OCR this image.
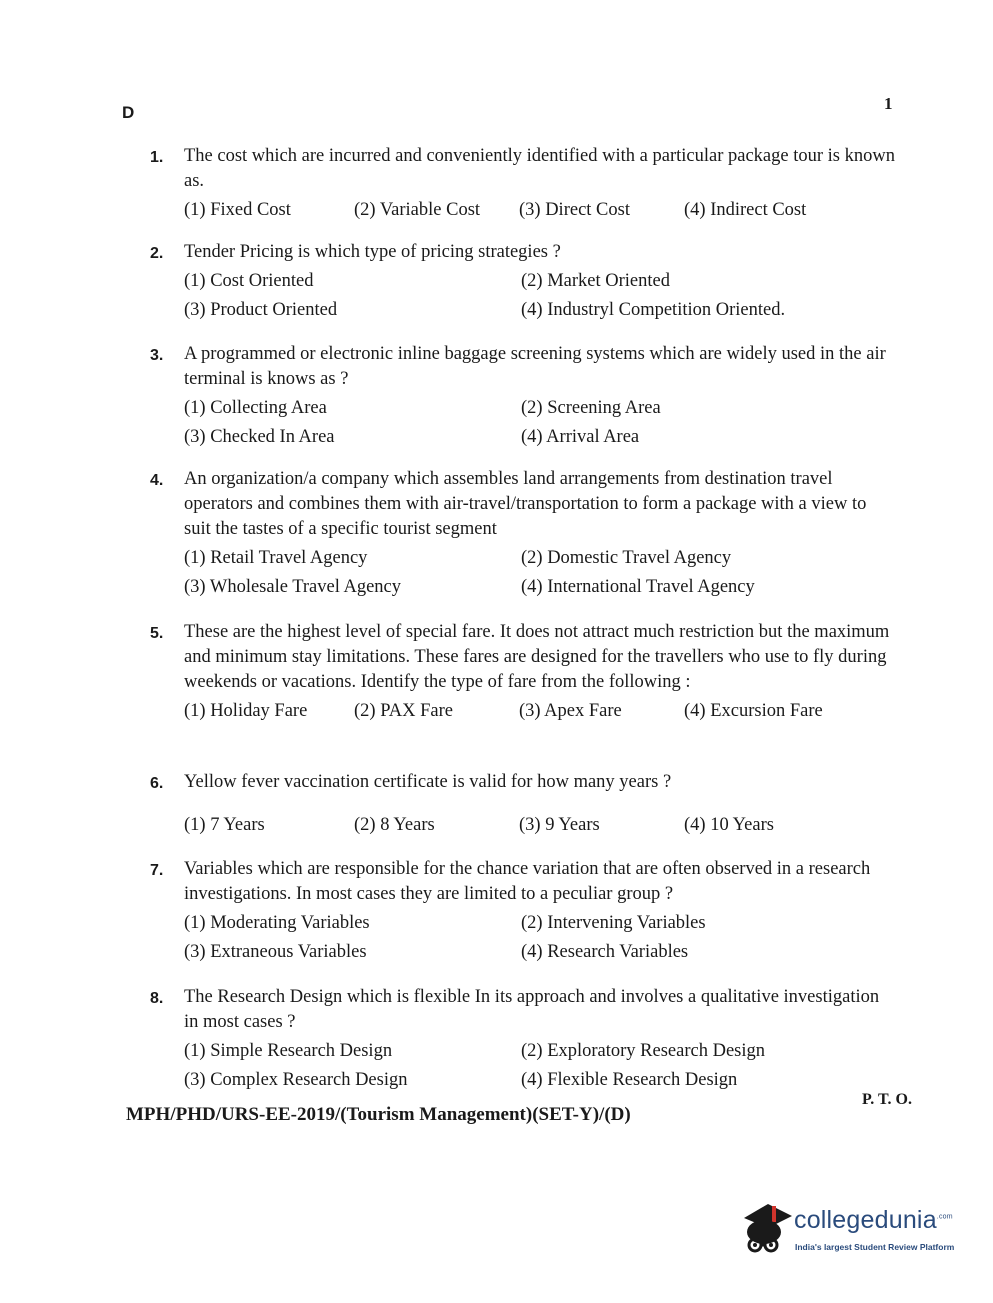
D	1
1. The cost which are incurred and conveniently identified with a particular package tour is known as.
(1) Fixed Cost	(2) Variable Cost	(3) Direct Cost	(4) Indirect Cost
2. Tender Pricing is which type of pricing strategies ?
(1) Cost Oriented	(2) Market Oriented
(3) Product Oriented	(4) Industryl Competition Oriented.
3. A programmed or electronic inline baggage screening systems which are widely used in the air terminal is knows as ?
(1) Collecting Area	(2) Screening Area
(3) Checked In Area	(4) Arrival Area
4. An organization/a company which assembles land arrangements from destination travel operators and combines them with air-travel/transportation to form a package with a view to suit the tastes of a specific tourist segment
(1) Retail Travel Agency	(2) Domestic Travel Agency
(3) Wholesale Travel Agency	(4) International Travel Agency
5. These are the highest level of special fare. It does not attract much restriction but the maximum and minimum stay limitations. These fares are designed for the travellers who use to fly during weekends or vacations. Identify the type of fare from the following :
(1) Holiday Fare	(2) PAX Fare	(3) Apex Fare	(4) Excursion Fare
6. Yellow fever vaccination certificate is valid for how many years ?
(1) 7 Years	(2) 8 Years	(3) 9 Years	(4) 10 Years
7. Variables which are responsible for the chance variation that are often observed in a research investigations. In most cases they are limited to a peculiar group ?
(1) Moderating Variables	(2) Intervening Variables
(3) Extraneous Variables	(4) Research Variables
8. The Research Design which is flexible In its approach and involves a qualitative investigation in most cases ?
(1) Simple Research Design	(2) Exploratory Research Design
(3) Complex Research Design	(4) Flexible Research Design
MPH/PHD/URS-EE-2019/(Tourism Management)(SET-Y)/(D)
P. T. O.
collegedunia$^{.com}$
India's largest Student Review Platform
